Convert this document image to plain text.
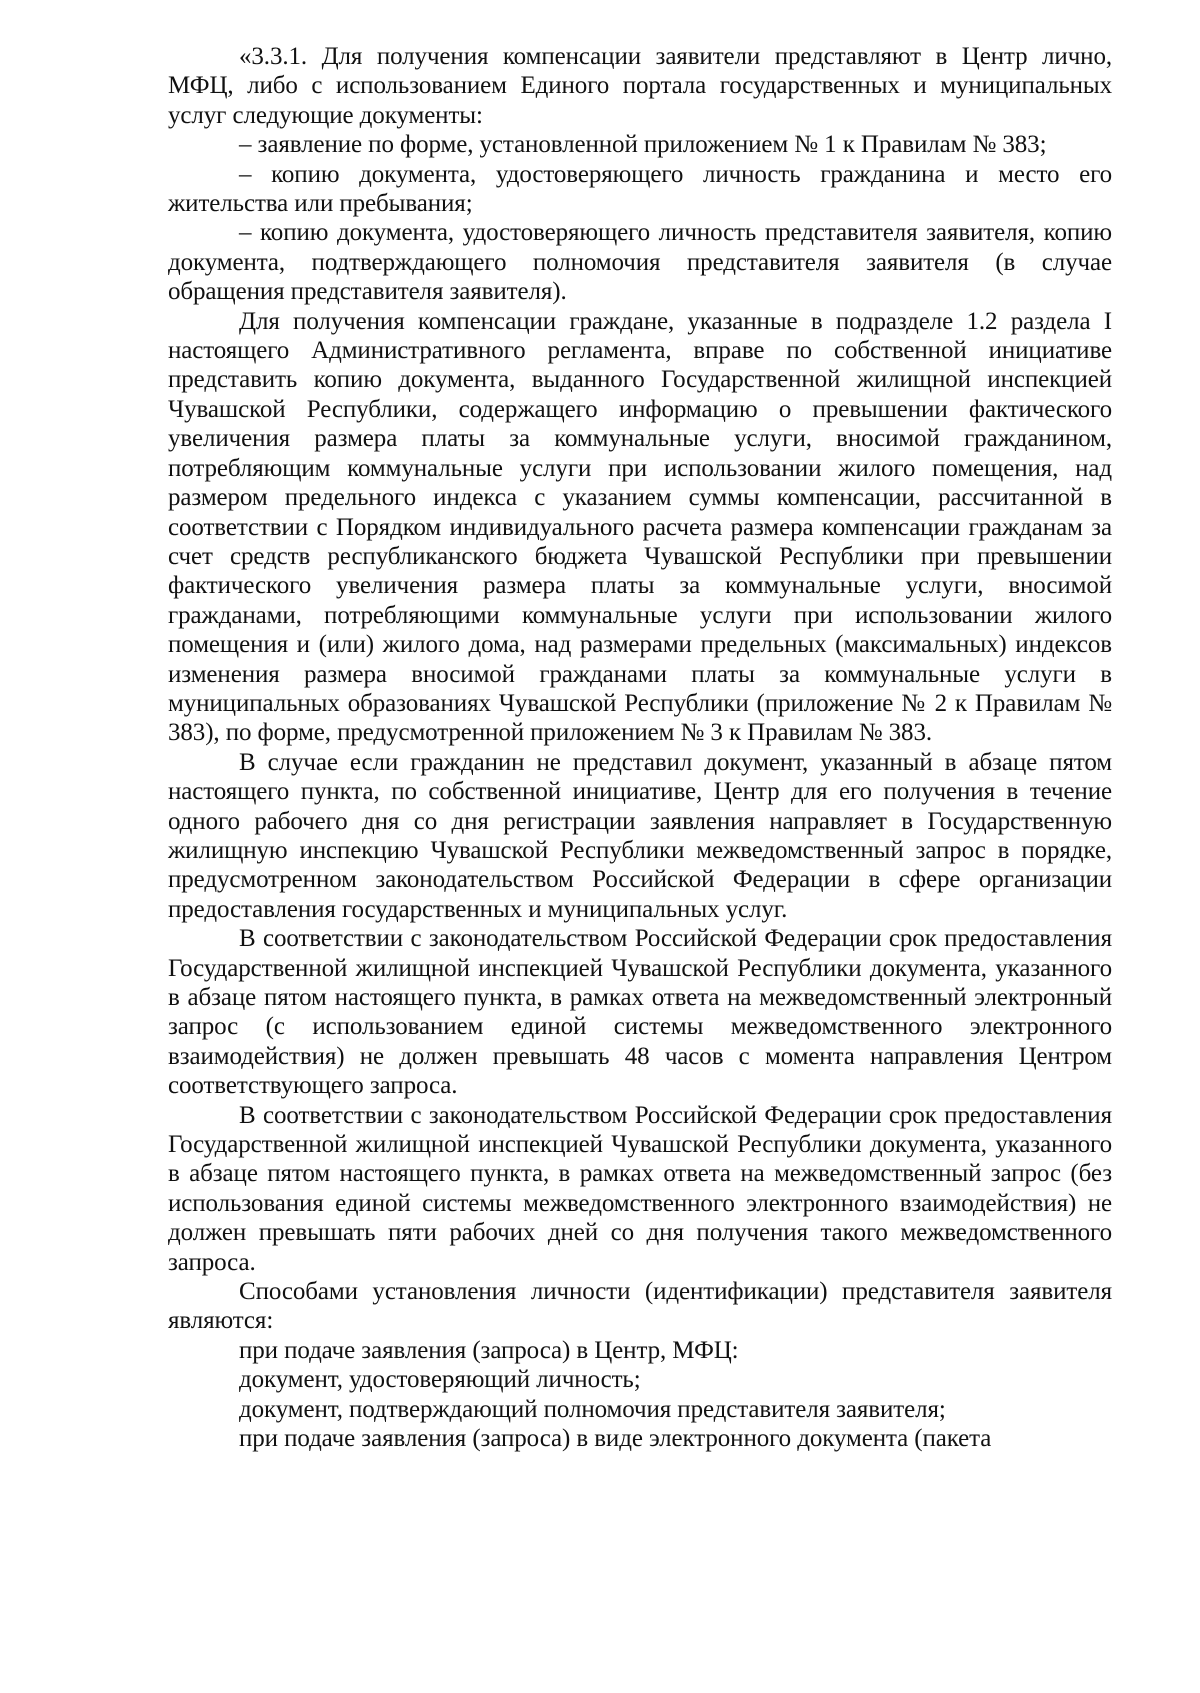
«3.3.1. Для получения компенсации заявители представляют в Центр лично, МФЦ, либо с использованием Единого портала государственных и муниципальных услуг следующие документы:

– заявление по форме, установленной приложением № 1 к Правилам № 383;

– копию документа, удостоверяющего личность гражданина и место его жительства или пребывания;

– копию документа, удостоверяющего личность представителя заявителя, копию документа, подтверждающего полномочия представителя заявителя (в случае обращения представителя заявителя).

Для получения компенсации граждане, указанные в подразделе 1.2 раздела I настоящего Административного регламента, вправе по собственной инициативе представить копию документа, выданного Государственной жилищной инспекцией Чувашской Республики, содержащего информацию о превышении фактического увеличения размера платы за коммунальные услуги, вносимой гражданином, потребляющим коммунальные услуги при использовании жилого помещения, над размером предельного индекса с указанием суммы компенсации, рассчитанной в соответствии с Порядком индивидуального расчета размера компенсации гражданам за счет средств республиканского бюджета Чувашской Республики при превышении фактического увеличения размера платы за коммунальные услуги, вносимой гражданами, потребляющими коммунальные услуги при использовании жилого помещения и (или) жилого дома, над размерами предельных (максимальных) индексов изменения размера вносимой гражданами платы за коммунальные услуги в муниципальных образованиях Чувашской Республики (приложение № 2 к Правилам № 383), по форме, предусмотренной приложением № 3 к Правилам № 383.

В случае если гражданин не представил документ, указанный в абзаце пятом настоящего пункта, по собственной инициативе, Центр для его получения в течение одного рабочего дня со дня регистрации заявления направляет в Государственную жилищную инспекцию Чувашской Республики межведомственный запрос в порядке, предусмотренном законодательством Российской Федерации в сфере организации предоставления государственных и муниципальных услуг.

В соответствии с законодательством Российской Федерации срок предоставления Государственной жилищной инспекцией Чувашской Республики документа, указанного в абзаце пятом настоящего пункта, в рамках ответа на межведомственный электронный запрос (с использованием единой системы межведомственного электронного взаимодействия) не должен превышать 48 часов с момента направления Центром соответствующего запроса.

В соответствии с законодательством Российской Федерации срок предоставления Государственной жилищной инспекцией Чувашской Республики документа, указанного в абзаце пятом настоящего пункта, в рамках ответа на межведомственный запрос (без использования единой системы межведомственного электронного взаимодействия) не должен превышать пяти рабочих дней со дня получения такого межведомственного запроса.

Способами установления личности (идентификации) представителя заявителя являются:

при подаче заявления (запроса) в Центр, МФЦ:

документ, удостоверяющий личность;

документ, подтверждающий полномочия представителя заявителя;

при подаче заявления (запроса) в виде электронного документа (пакета
